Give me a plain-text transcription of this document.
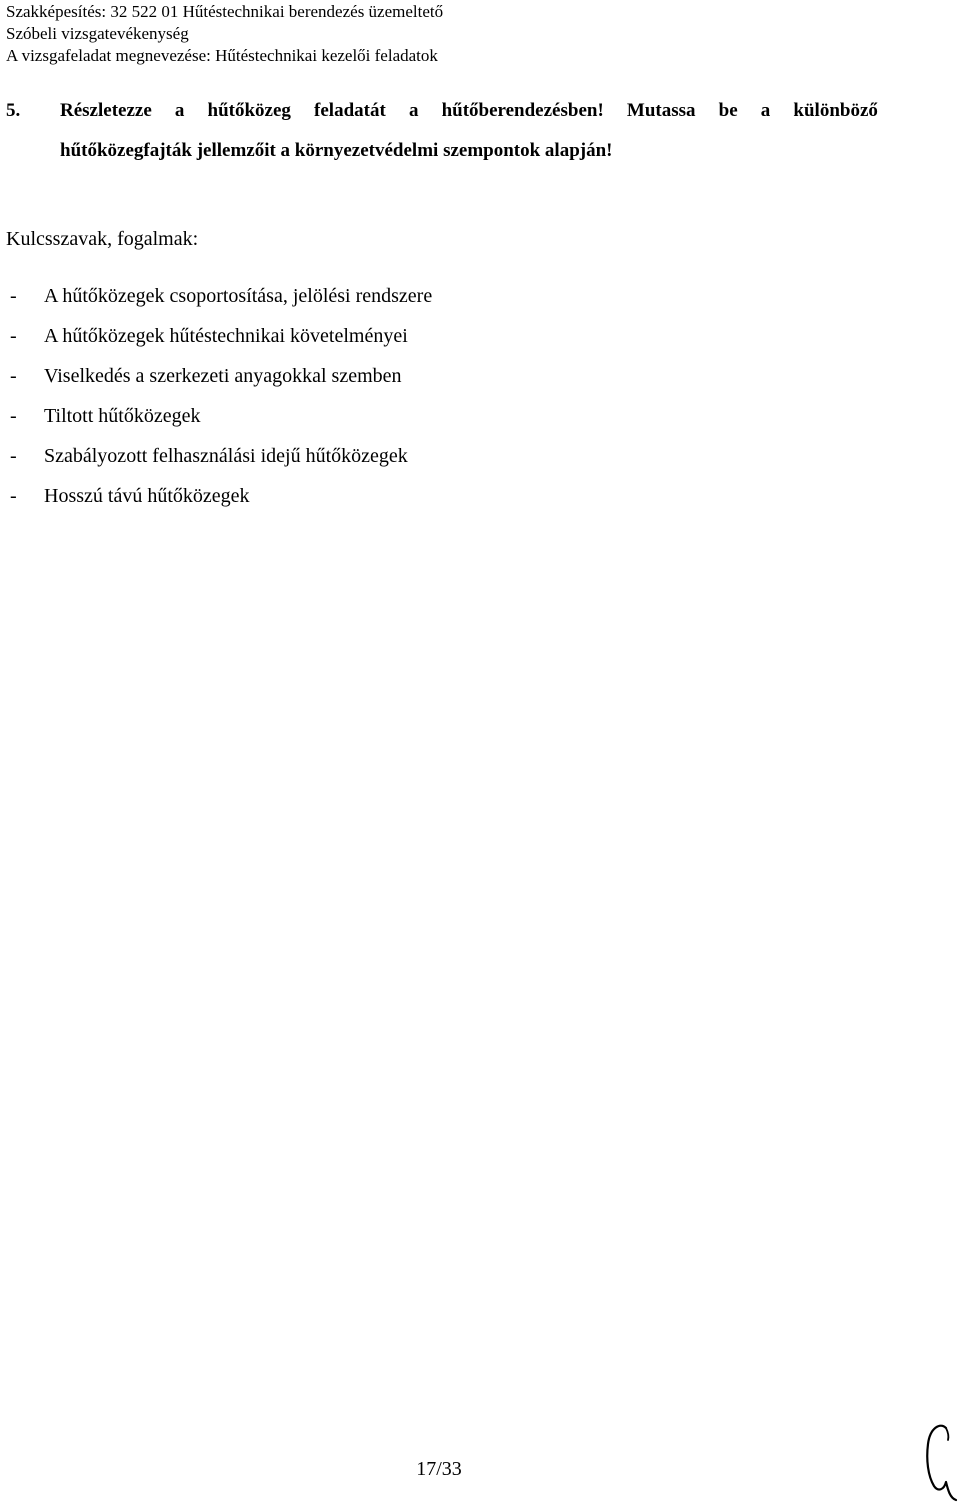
Szakképesítés: 32 522 01 Hűtéstechnikai berendezés üzemeltető
Szóbeli vizsgatevékenység
A vizsgafeladat megnevezése: Hűtéstechnikai kezelői feladatok
5. Részletezze a hűtőközeg feladatát a hűtőberendezésben! Mutassa be a különböző
hűtőközegfajták jellemzőit a környezetvédelmi szempontok alapján!
Kulcsszavak, fogalmak:
- A hűtőközegek csoportosítása, jelölési rendszere
- A hűtőközegek hűtéstechnikai követelményei
- Viselkedés a szerkezeti anyagokkal szemben
- Tiltott hűtőközegek
- Szabályozott felhasználási idejű hűtőközegek
- Hosszú távú hűtőközegek
17/33
